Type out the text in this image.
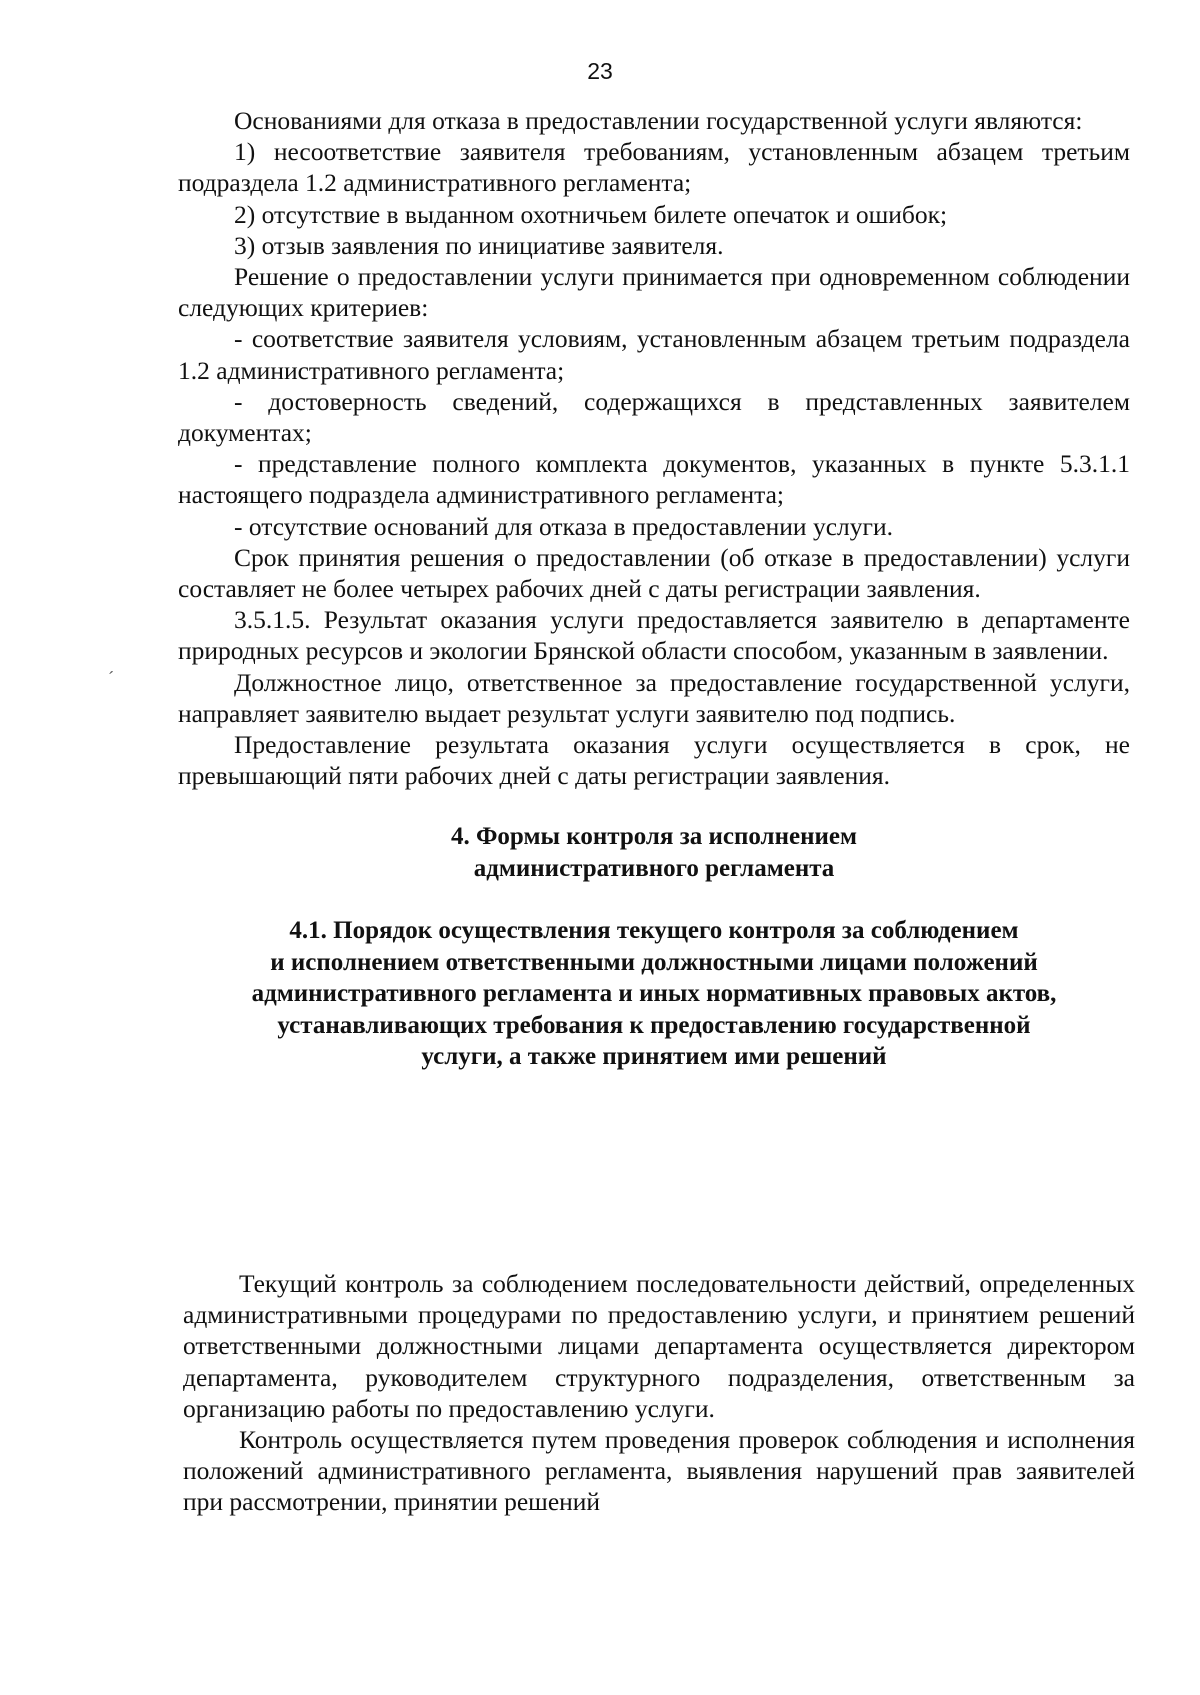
23

Основаниями для отказа в предоставлении государственной услуги являются:

1) несоответствие заявителя требованиям, установленным абзацем третьим подраздела 1.2 административного регламента;

2) отсутствие в выданном охотничьем билете опечаток и ошибок;

3) отзыв заявления по инициативе заявителя.

Решение о предоставлении услуги принимается при одновременном соблюдении следующих критериев:

- соответствие заявителя условиям, установленным абзацем третьим подраздела 1.2 административного регламента;

- достоверность сведений, содержащихся в представленных заявителем документах;

- представление полного комплекта документов, указанных в пункте 5.3.1.1 настоящего подраздела административного регламента;

- отсутствие оснований для отказа в предоставлении услуги.

Срок принятия решения о предоставлении (об отказе в предоставлении) услуги составляет не более четырех рабочих дней с даты регистрации заявления.

3.5.1.5. Результат оказания услуги предоставляется заявителю в департаменте природных ресурсов и экологии Брянской области способом, указанным в заявлении.

Должностное лицо, ответственное за предоставление государственной услуги, направляет заявителю выдает результат услуги заявителю под подпись.

Предоставление результата оказания услуги осуществляется в срок, не превышающий пяти рабочих дней с даты регистрации заявления.

4. Формы контроля за исполнением
административного регламента
4.1. Порядок осуществления текущего контроля за соблюдением
и исполнением ответственными должностными лицами положений
административного регламента и иных нормативных правовых актов,
устанавливающих требования к предоставлению государственной
услуги, а также принятием ими решений

Текущий контроль за соблюдением последовательности действий, определенных административными процедурами по предоставлению услуги, и принятием решений ответственными должностными лицами департамента осуществляется директором департамента, руководителем структурного подразделения, ответственным за организацию работы по предоставлению услуги.

Контроль осуществляется путем проведения проверок соблюдения и исполнения положений административного регламента, выявления нарушений прав заявителей при рассмотрении, принятии решений

ˊ
